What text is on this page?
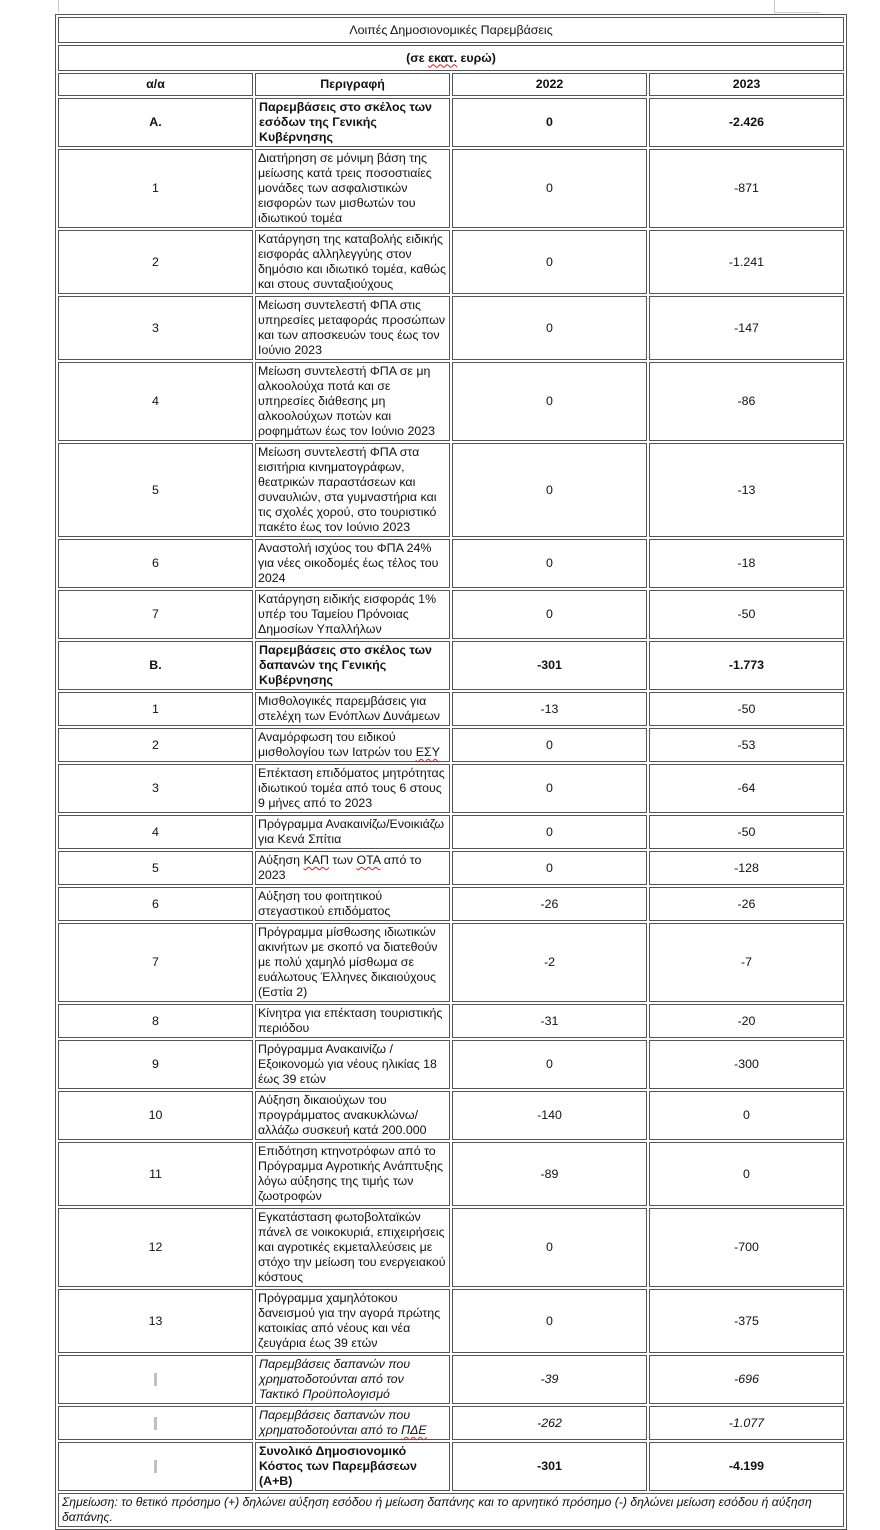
Λοιπές Δημοσιονομικές Παρεμβάσεις			
(σε εκατ. ευρώ)			
α/α	Περιγραφή	2022	2023
A.	Παρεμβάσεις στο σκέλος των εσόδων της Γενικής Κυβέρνησης	0	-2.426
1	Διατήρηση σε μόνιμη βάση της μείωσης κατά τρεις ποσοστιαίες μονάδες των ασφαλιστικών εισφορών των μισθωτών του ιδιωτικού τομέα	0	-871
2	Κατάργηση της καταβολής ειδικής εισφοράς αλληλεγγύης στον δημόσιο και ιδιωτικό τομέα, καθώς και στους συνταξιούχους	0	-1.241
3	Μείωση συντελεστή ΦΠΑ στις υπηρεσίες μεταφοράς προσώπων και των αποσκευών τους έως τον Ιούνιο 2023	0	-147
4	Μείωση συντελεστή ΦΠΑ σε μη αλκοολούχα ποτά και σε υπηρεσίες διάθεσης μη αλκοολούχων ποτών και ροφημάτων έως τον Ιούνιο 2023	0	-86
5	Μείωση συντελεστή ΦΠΑ στα εισιτήρια κινηματογράφων, θεατρικών παραστάσεων και συναυλιών, στα γυμναστήρια και τις σχολές χορού, στο τουριστικό πακέτο έως τον Ιούνιο 2023	0	-13
6	Αναστολή ισχύος του ΦΠΑ 24% για νέες οικοδομές έως τέλος του 2024	0	-18
7	Κατάργηση ειδικής εισφοράς 1% υπέρ του Ταμείου Πρόνοιας Δημοσίων Υπαλλήλων	0	-50
B.	Παρεμβάσεις στο σκέλος των δαπανών της Γενικής Κυβέρνησης	-301	-1.773
1	Μισθολογικές παρεμβάσεις για στελέχη των Ενόπλων Δυνάμεων	-13	-50
2	Αναμόρφωση του ειδικού μισθολογίου των Ιατρών του ΕΣΥ	0	-53
3	Επέκταση επιδόματος μητρότητας ιδιωτικού τομέα από τους 6 στους 9 μήνες από το 2023	0	-64
4	Πρόγραμμα Ανακαινίζω/Ενοικιάζω για Κενά Σπίτια	0	-50
5	Αύξηση ΚΑΠ των ΟΤΑ από το 2023	0	-128
6	Αύξηση του φοιτητικού στεγαστικού επιδόματος	-26	-26
7	Πρόγραμμα μίσθωσης ιδιωτικών ακινήτων με σκοπό να διατεθούν με πολύ χαμηλό μίσθωμα σε ευάλωτους Έλληνες δικαιούχους (Εστία 2)	-2	-7
8	Κίνητρα για επέκταση τουριστικής περιόδου	-31	-20
9	Πρόγραμμα Ανακαινίζω / Εξοικονομώ για νέους ηλικίας 18 έως 39 ετών	0	-300
10	Αύξηση δικαιούχων του προγράμματος ανακυκλώνω/αλλάζω συσκευή κατά 200.000	-140	0
11	Επιδότηση κτηνοτρόφων από το Πρόγραμμα Αγροτικής Ανάπτυξης λόγω αύξησης της τιμής των ζωοτροφών	-89	0
12	Εγκατάσταση φωτοβολταϊκών πάνελ σε νοικοκυριά, επιχειρήσεις και αγροτικές εκμεταλλεύσεις με στόχο την μείωση του ενεργειακού κόστους	0	-700
13	Πρόγραμμα χαμηλότοκου δανεισμού για την αγορά πρώτης κατοικίας από νέους και νέα ζευγάρια έως 39 ετών	0	-375
	Παρεμβάσεις δαπανών που χρηματοδοτούνται από τον Τακτικό Προϋπολογισμό	-39	-696
	Παρεμβάσεις δαπανών που χρηματοδοτούνται από το ΠΔΕ	-262	-1.077
	Συνολικό Δημοσιονομικό Κόστος των Παρεμβάσεων (Α+Β)	-301	-4.199
Σημείωση: το θετικό πρόσημο (+) δηλώνει αύξηση εσόδου ή μείωση δαπάνης και το αρνητικό πρόσημο (-) δηλώνει μείωση εσόδου ή αύξηση δαπάνης.			
